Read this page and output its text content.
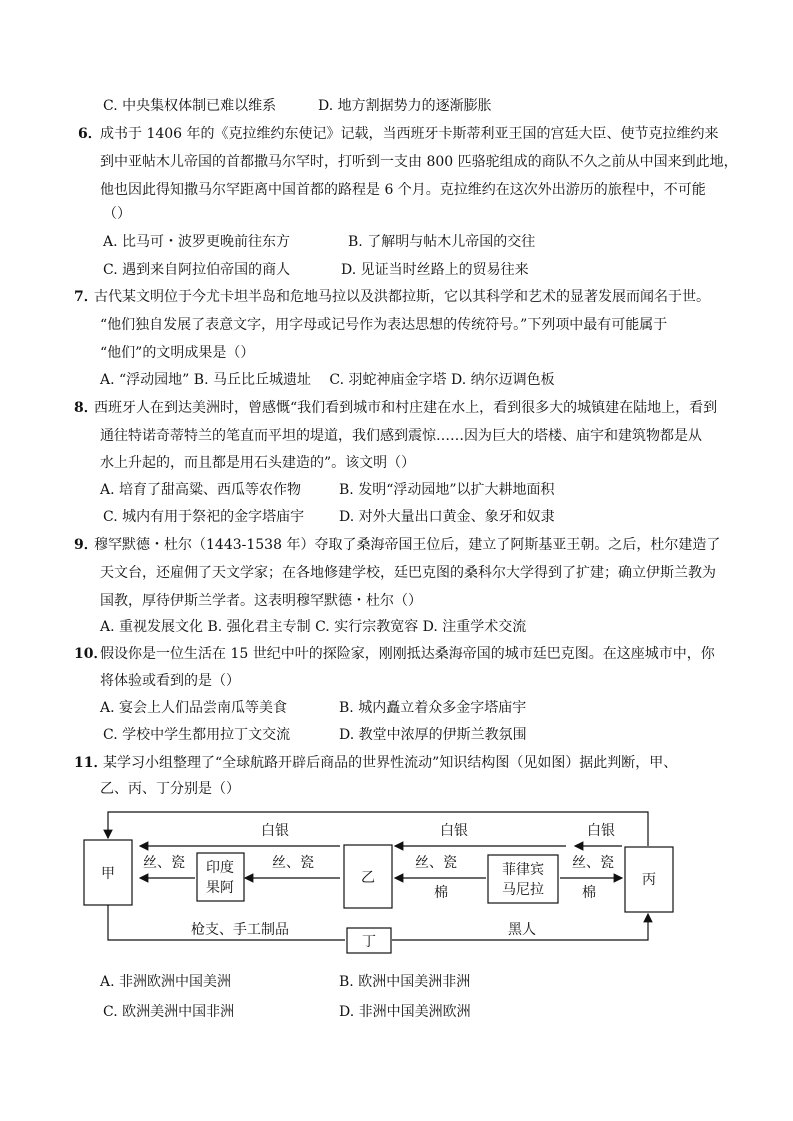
C. 中央集权体制已难以维系	D. 地方割据势力的逐渐膨胀
6．
成书于 1406 年的《克拉维约东使记》记载，当西班牙卡斯蒂利亚王国的宫廷大臣、使节克拉维约来
到中亚帖木儿帝国的首都撒马尔罕时，打听到一支由 800 匹骆驼组成的商队不久之前从中国来到此地，
他也因此得知撒马尔罕距离中国首都的路程是 6 个月。克拉维约在这次外出游历的旅程中，不可能
（）
A. 比马可・波罗更晚前往东方	B. 了解明与帖木儿帝国的交往
C. 遇到来自阿拉伯帝国的商人	D. 见证当时丝路上的贸易往来
7．
古代某文明位于今尤卡坦半岛和危地马拉以及洪都拉斯，它以其科学和艺术的显著发展而闻名于世。
“他们独自发展了表意文字，用字母或记号作为表达思想的传统符号。”下列项中最有可能属于
“他们”的文明成果是（）
A. “浮动园地” B. 马丘比丘城遗址　 C. 羽蛇神庙金字塔 D. 纳尔迈调色板
8．
西班牙人在到达美洲时，曾感慨“我们看到城市和村庄建在水上，看到很多大的城镇建在陆地上，看到
通往特诺奇蒂特兰的笔直而平坦的堤道，我们感到震惊……因为巨大的塔楼、庙宇和建筑物都是从
水上升起的，而且都是用石头建造的”。该文明（）
A. 培育了甜高粱、西瓜等农作物	B. 发明“浮动园地”以扩大耕地面积
C. 城内有用于祭祀的金字塔庙宇 D. 对外大量出口黄金、象牙和奴隶
9．
穆罕默德・杜尔（1443-1538 年）夺取了桑海帝国王位后，建立了阿斯基亚王朝。之后，杜尔建造了
天文台，还雇佣了天文学家；在各地修建学校，廷巴克图的桑科尔大学得到了扩建；确立伊斯兰教为
国教，厚待伊斯兰学者。这表明穆罕默德・杜尔（）
A. 重视发展文化 B. 强化君主专制 C. 实行宗教宽容 D. 注重学术交流
10．
假设你是一位生活在 15 世纪中叶的探险家，刚刚抵达桑海帝国的城市廷巴克图。在这座城市中，你
将体验或看到的是（）
A. 宴会上人们品尝南瓜等美食	B. 城内矗立着众多金字塔庙宇
C. 学校中学生都用拉丁文交流	D. 教堂中浓厚的伊斯兰教氛围
11．
某学习小组整理了“全球航路开辟后商品的世界性流动”知识结构图（见如图）据此判断，甲、
乙、丙、丁分别是（）
甲	印度
果阿
乙	菲律宾
马尼拉
丙
丁
白银	白银	白银
丝、瓷	丝、瓷	丝、瓷	丝、瓷
棉	棉
枪支、手工制品	黑人
A. 非洲欧洲中国美洲	B. 欧洲中国美洲非洲
C. 欧洲美洲中国非洲	D. 非洲中国美洲欧洲
